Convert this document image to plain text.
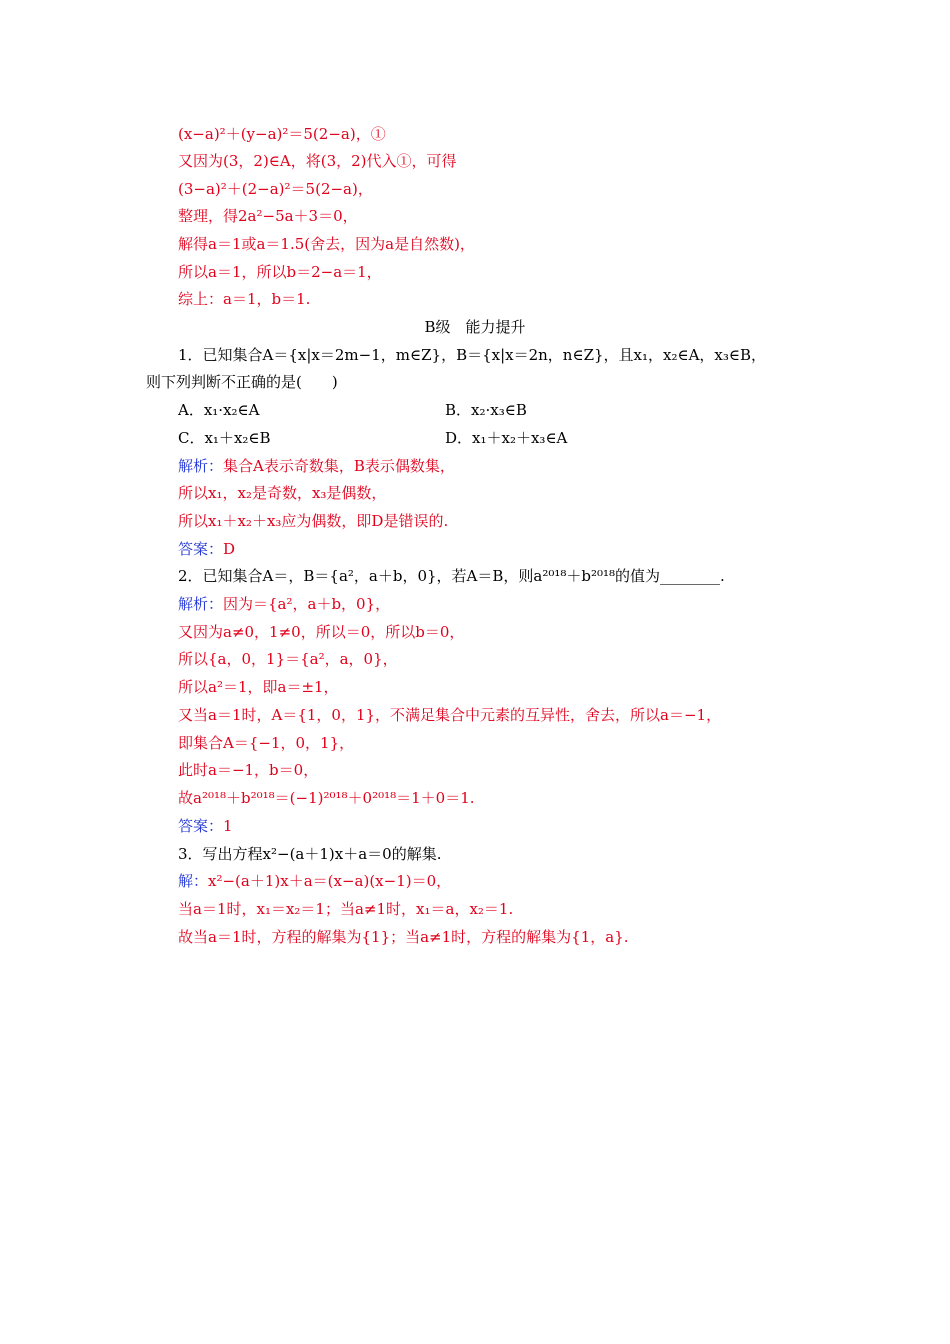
(x−a)²＋(y−a)²＝5(2−a)，①
又因为(3，2)∈A，将(3，2)代入①，可得
(3−a)²＋(2−a)²＝5(2−a)，
整理，得2a²−5a＋3＝0，
解得a＝1或a＝1.5(舍去，因为a是自然数)，
所以a＝1，所以b＝2−a＝1，
综上：a＝1，b＝1.
B级　能力提升
1．已知集合A＝{x|x＝2m−1，m∈Z}，B＝{x|x＝2n，n∈Z}，且x₁，x₂∈A，x₃∈B，
则下列判断不正确的是(　　)
A．x₁·x₂∈A	B．x₂·x₃∈B
C．x₁＋x₂∈B	D．x₁＋x₂＋x₃∈A
解析：集合A表示奇数集，B表示偶数集，
所以x₁，x₂是奇数，x₃是偶数，
所以x₁＋x₂＋x₃应为偶数，即D是错误的.
答案：D
2．已知集合A＝，B＝{a²，a＋b，0}，若A＝B，则a²⁰¹⁸＋b²⁰¹⁸的值为________.
解析：因为＝{a²，a＋b，0}，
又因为a≠0，1≠0，所以＝0，所以b＝0，
所以{a，0，1}＝{a²，a，0}，
所以a²＝1，即a＝±1，
又当a＝1时，A＝{1，0，1}，不满足集合中元素的互异性，舍去，所以a＝−1，
即集合A＝{−1，0，1}，
此时a＝−1，b＝0，
故a²⁰¹⁸＋b²⁰¹⁸＝(−1)²⁰¹⁸＋0²⁰¹⁸＝1＋0＝1.
答案：1
3．写出方程x²−(a＋1)x＋a＝0的解集.
解：x²−(a＋1)x＋a＝(x−a)(x−1)＝0，
当a＝1时，x₁＝x₂＝1；当a≠1时，x₁＝a，x₂＝1.
故当a＝1时，方程的解集为{1}；当a≠1时，方程的解集为{1，a}.
